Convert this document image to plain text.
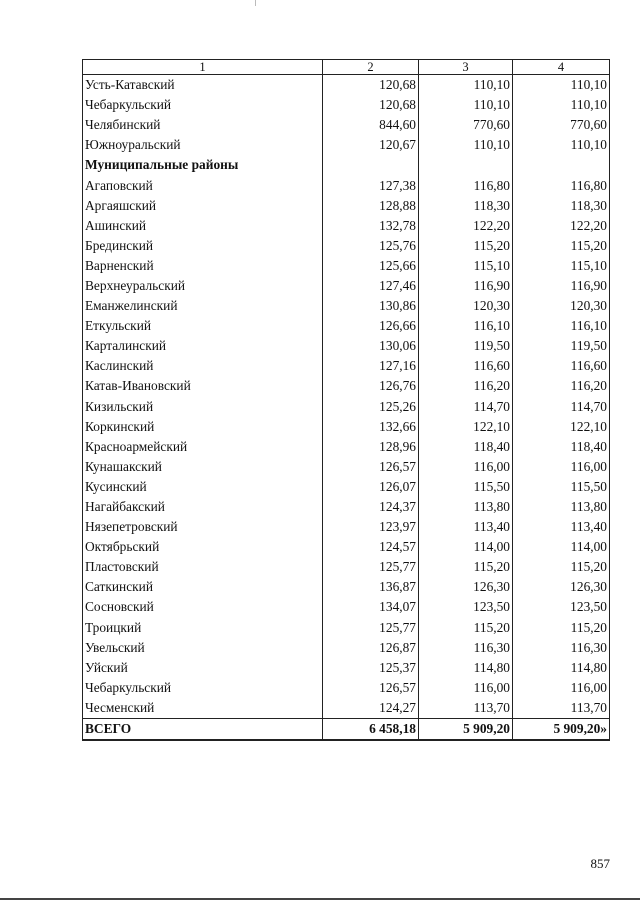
1	2	3	4
Усть-Катавский	120,68	110,10	110,10
Чебаркульский	120,68	110,10	110,10
Челябинский	844,60	770,60	770,60
Южноуральский	120,67	110,10	110,10
Муниципальные районы			
Агаповский	127,38	116,80	116,80
Аргаяшский	128,88	118,30	118,30
Ашинский	132,78	122,20	122,20
Брединский	125,76	115,20	115,20
Варненский	125,66	115,10	115,10
Верхнеуральский	127,46	116,90	116,90
Еманжелинский	130,86	120,30	120,30
Еткульский	126,66	116,10	116,10
Карталинский	130,06	119,50	119,50
Каслинский	127,16	116,60	116,60
Катав-Ивановский	126,76	116,20	116,20
Кизильский	125,26	114,70	114,70
Коркинский	132,66	122,10	122,10
Красноармейский	128,96	118,40	118,40
Кунашакский	126,57	116,00	116,00
Кусинский	126,07	115,50	115,50
Нагайбакский	124,37	113,80	113,80
Нязепетровский	123,97	113,40	113,40
Октябрьский	124,57	114,00	114,00
Пластовский	125,77	115,20	115,20
Саткинский	136,87	126,30	126,30
Сосновский	134,07	123,50	123,50
Троицкий	125,77	115,20	115,20
Увельский	126,87	116,30	116,30
Уйский	125,37	114,80	114,80
Чебаркульский	126,57	116,00	116,00
Чесменский	124,27	113,70	113,70
ВСЕГО	6 458,18	5 909,20	5 909,20»
857
